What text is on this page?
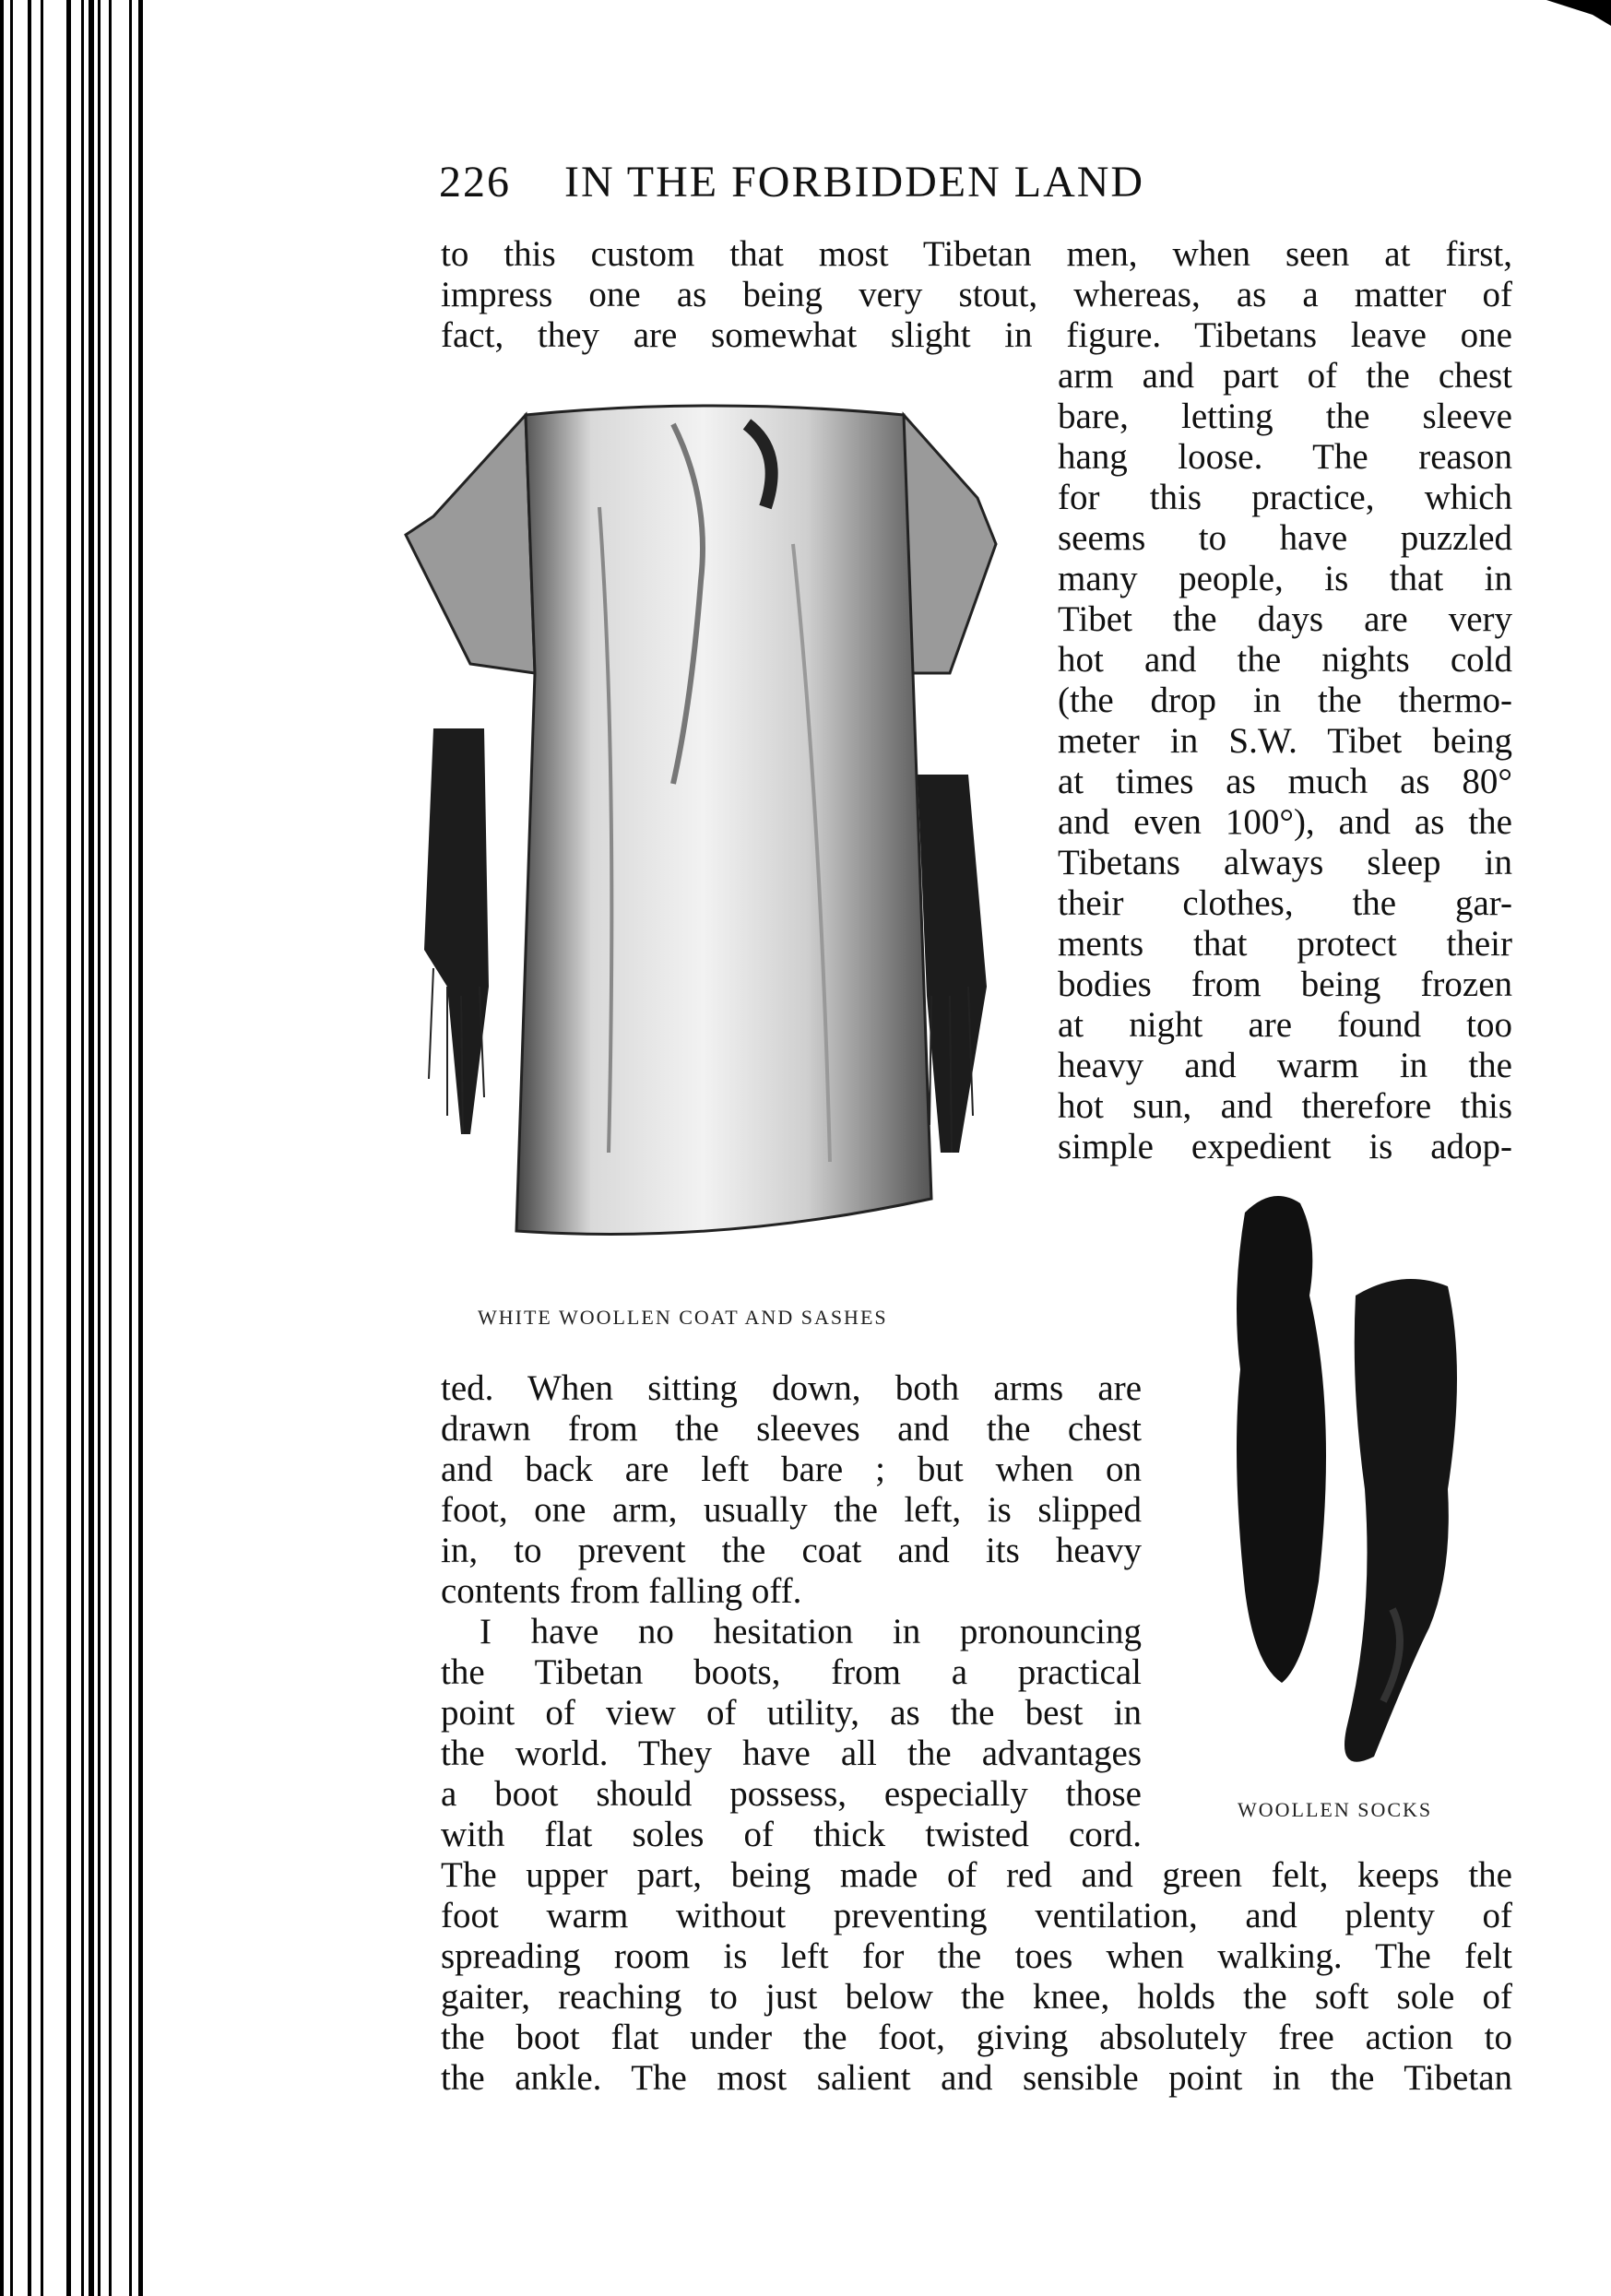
226 IN THE FORBIDDEN LAND
to this custom that most Tibetan men, when seen at first,
impress one as being very stout, whereas, as a matter of
fact, they are somewhat slight in figure. Tibetans leave one
arm and part of the chest
bare, letting the sleeve
hang loose. The reason
for this practice, which
seems to have puzzled
many people, is that in
Tibet the days are very
hot and the nights cold
(the drop in the thermo-
meter in S.W. Tibet being
at times as much as 80°
and even 100°), and as the
Tibetans always sleep in
their clothes, the gar-
ments that protect their
bodies from being frozen
at night are found too
heavy and warm in the
hot sun, and therefore this
simple expedient is adop-
WHITE WOOLLEN COAT AND SASHES
ted. When sitting down, both arms are
drawn from the sleeves and the chest
and back are left bare ; but when on
foot, one arm, usually the left, is slipped
in, to prevent the coat and its heavy
contents from falling off.
I have no hesitation in pronouncing
the Tibetan boots, from a practical
point of view of utility, as the best in
the world. They have all the advantages
a boot should possess, especially those
with flat soles of thick twisted cord.
WOOLLEN SOCKS
The upper part, being made of red and green felt, keeps the
foot warm without preventing ventilation, and plenty of
spreading room is left for the toes when walking. The felt
gaiter, reaching to just below the knee, holds the soft sole of
the boot flat under the foot, giving absolutely free action to
the ankle. The most salient and sensible point in the Tibetan
